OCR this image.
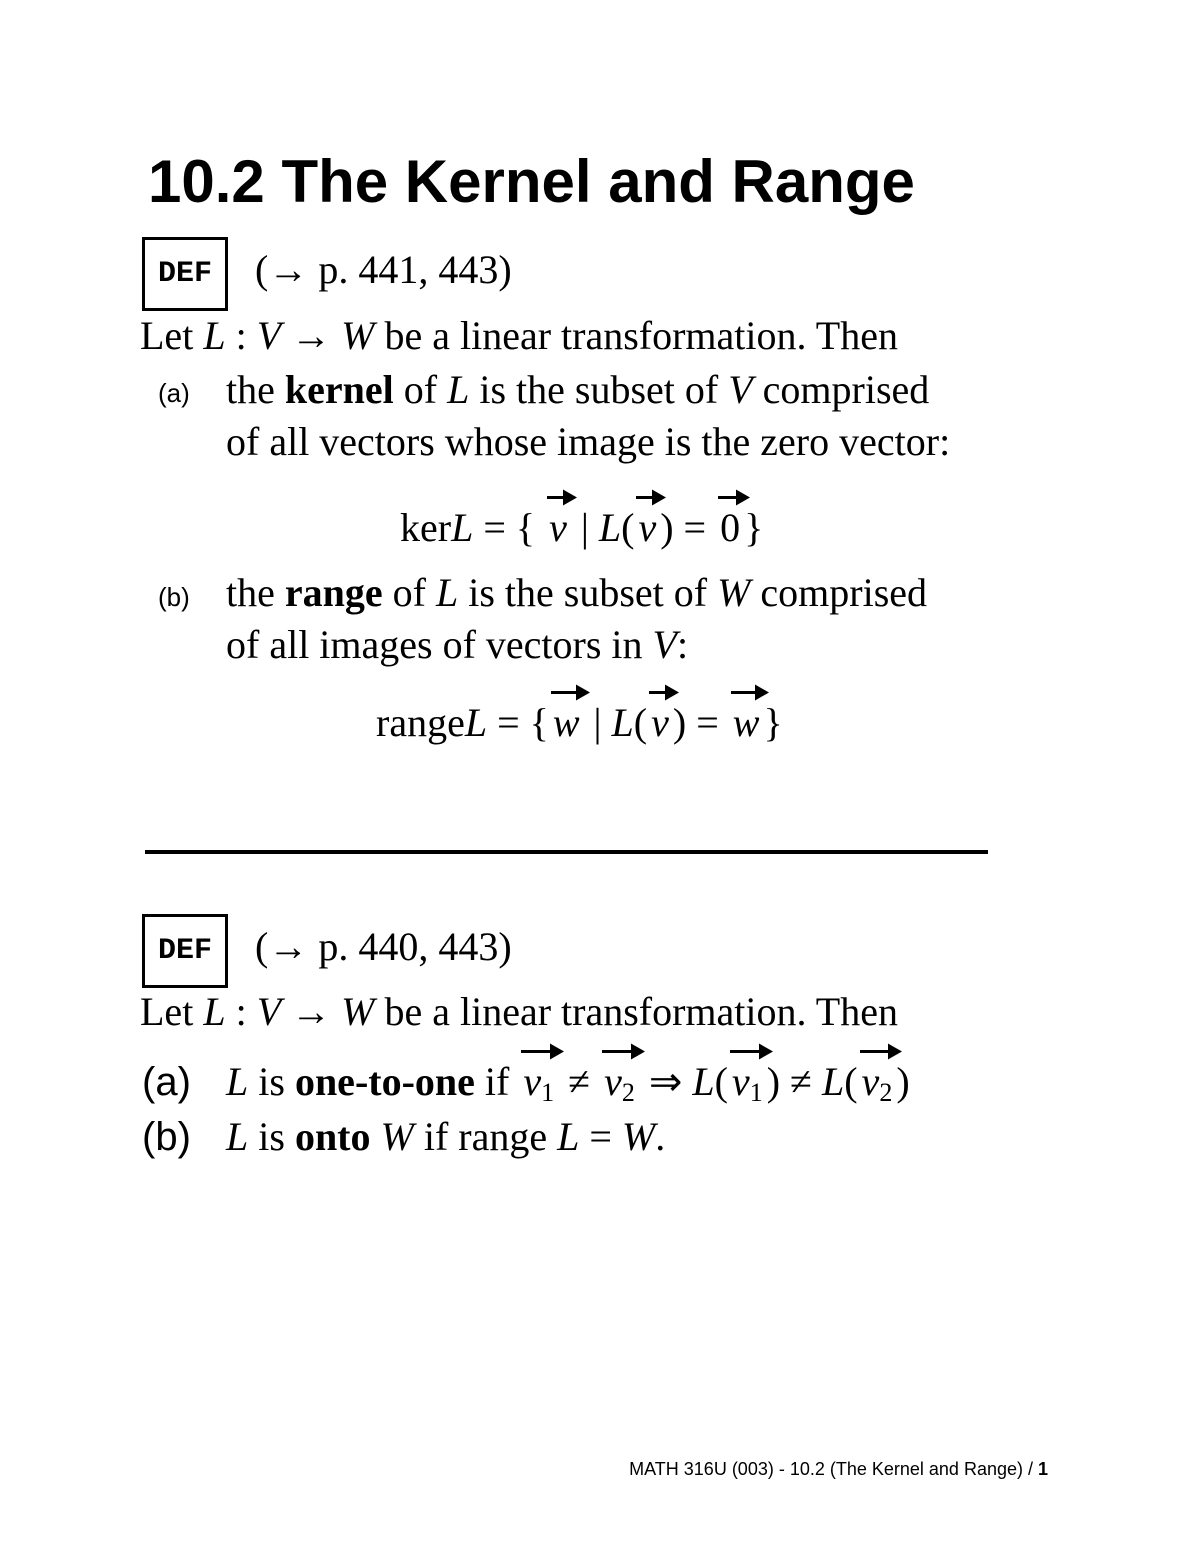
10.2 The Kernel and Range
DEF	(→ p. 441, 443)
Let L : V → W be a linear transformation. Then
(a) the kernel of L is the subset of V comprised
of all vectors whose image is the zero vector:
kerL = { v | L( v ) = 0 }
(b) the range of L is the subset of W comprised
of all images of vectors in V:
rangeL = { w | L( v ) = w }
DEF	(→ p. 440, 443)
Let L : V → W be a linear transformation. Then
(a) L is one-to-one if $v_1 \ne v_2$ ⇒ L( $v_1$ ) ≠ L( $v_2$ )
(b) L is onto W if range L = W.
MATH 316U (003) - 10.2 (The Kernel and Range) / 1
